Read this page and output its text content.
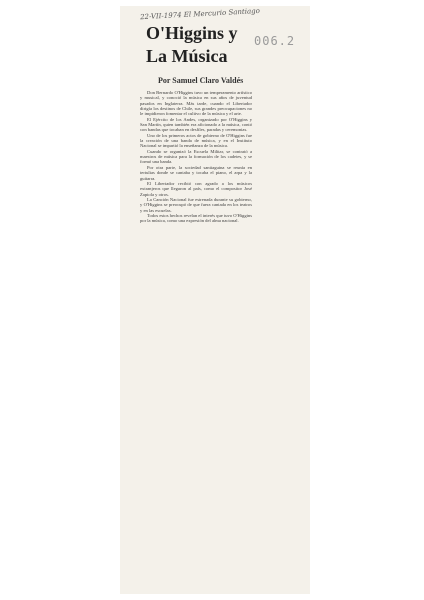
22-VII-1974 El Mercurio Santiago
006.2
O'Higgins y
La Música

Por Samuel Claro Valdés

Don Bernardo O'Higgins tuvo un temperamento artístico y musical, y conoció la música en sus años de juventud pasados en Inglaterra. Más tarde, cuando el Libertador dirigía los destinos de Chile, sus grandes preocupaciones no le impidieron fomentar el cultivo de la música y el arte.

El Ejército de los Andes, organizado por O'Higgins y San Martín, quien también era aficionado a la música, contó con bandas que tocaban en desfiles, paradas y ceremonias.

Uno de los primeros actos de gobierno de O'Higgins fue la creación de una banda de música, y en el Instituto Nacional se impartió la enseñanza de la música.

Cuando se organizó la Escuela Militar, se contrató a maestros de música para la formación de los cadetes, y se formó una banda.

Por otra parte, la sociedad santiaguina se reunía en tertulias donde se cantaba y tocaba el piano, el arpa y la guitarra.

El Libertador recibió con agrado a los músicos extranjeros que llegaron al país, como el compositor José Zapiola y otros.

La Canción Nacional fue estrenada durante su gobierno, y O'Higgins se preocupó de que fuera cantada en los teatros y en las escuelas.

Todos estos hechos revelan el interés que tuvo O'Higgins por la música, como una expresión del alma nacional.
